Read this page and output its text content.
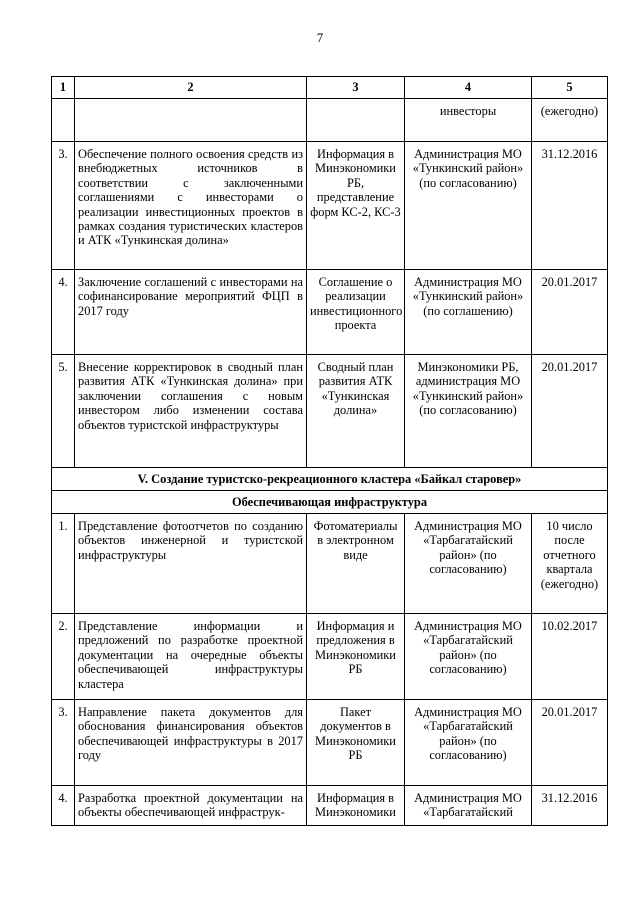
7
1	2	3	4	5
			инвесторы	(ежегодно)
3.	Обеспечение полного освоения средств из внебюджетных источников в соответствии с заключенными соглашениями с инвесторами о реализации инвестиционных проектов в рамках создания туристических кластеров и АТК «Тункинская долина»	Информация в Минэкономики РБ, представление форм КС-2, КС-3	Администрация МО «Тункинский район» (по согласованию)	31.12.2016
4.	Заключение соглашений с инвесторами на софинансирование мероприятий ФЦП в 2017 году	Соглашение о реализации инвестиционного проекта	Администрация МО «Тункинский район» (по соглашению)	20.01.2017
5.	Внесение корректировок в сводный план развития АТК «Тункинская долина» при заключении соглашения с новым инвестором либо изменении состава объектов туристской инфраструктуры	Сводный план развития АТК «Тункинская долина»	Минэкономики РБ, администрация МО «Тункинский район» (по согласованию)	20.01.2017
V. Создание туристско-рекреационного кластера «Байкал старовер»				
Обеспечивающая инфраструктура				
1.	Представление фотоотчетов по созданию объектов инженерной и туристской инфраструктуры	Фотоматериалы в электронном виде	Администрация МО «Тарбагатайский район» (по согласованию)	10 число после отчетного квартала (ежегодно)
2.	Представление информации и предложений по разработке проектной документации на очередные объекты обеспечивающей инфраструктуры кластера	Информация и предложения в Минэкономики РБ	Администрация МО «Тарбагатайский район» (по согласованию)	10.02.2017
3.	Направление пакета документов для обоснования финансирования объектов обеспечивающей инфраструктуры в 2017 году	Пакет документов в Минэкономики РБ	Администрация МО «Тарбагатайский район» (по согласованию)	20.01.2017
4.	Разработка проектной документации на объекты обеспечивающей инфраструк-	Информация в Минэкономики	Администрация МО «Тарбагатайский	31.12.2016
